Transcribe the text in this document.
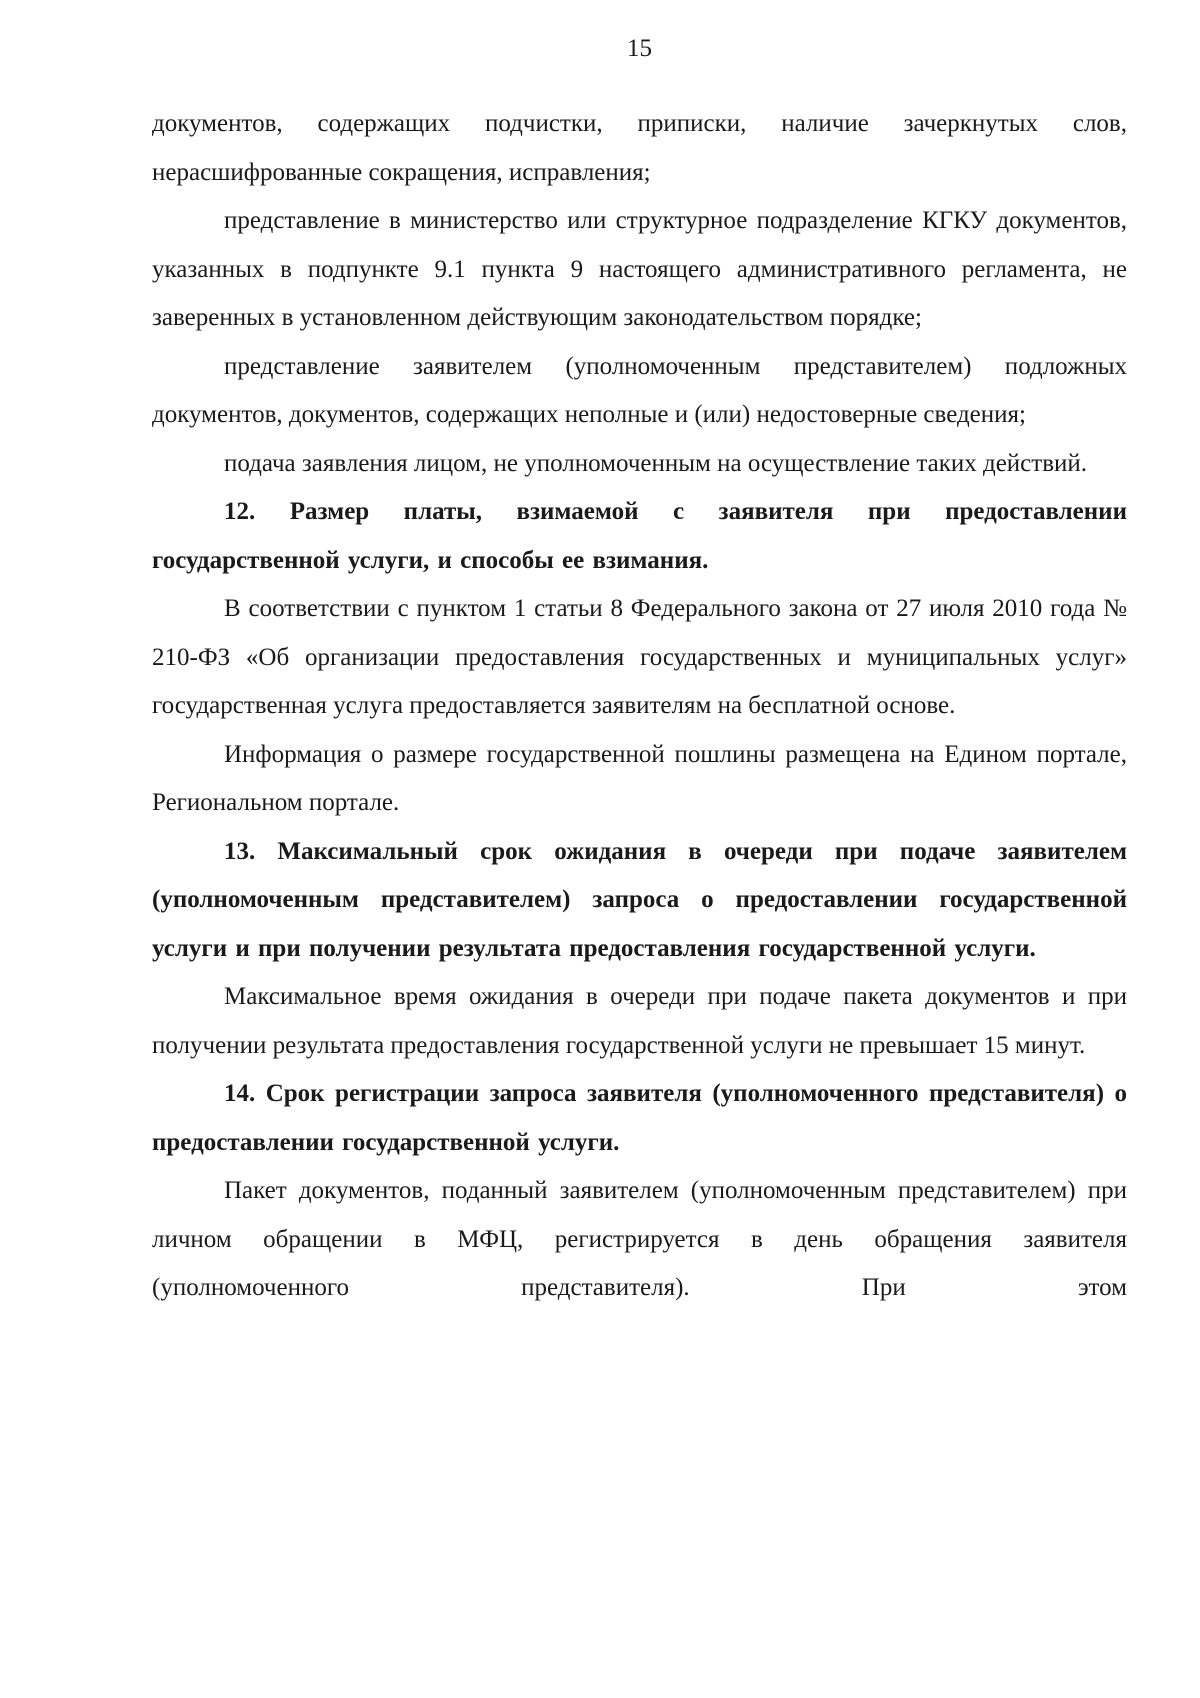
15

документов, содержащих подчистки, приписки, наличие зачеркнутых слов, нерасшифрованные сокращения, исправления;

представление в министерство или структурное подразделение КГКУ документов, указанных в подпункте 9.1 пункта 9 настоящего административного регламента, не заверенных в установленном действующим законодательством порядке;

представление заявителем (уполномоченным представителем) подложных документов, документов, содержащих неполные и (или) недостоверные сведения;

подача заявления лицом, не уполномоченным на осуществление таких действий.

12. Размер платы, взимаемой с заявителя при предоставлении государственной услуги, и способы ее взимания.

В соответствии с пунктом 1 статьи 8 Федерального закона от 27 июля 2010 года № 210-ФЗ «Об организации предоставления государственных и муниципальных услуг» государственная услуга предоставляется заявителям на бесплатной основе.

Информация о размере государственной пошлины размещена на Едином портале, Региональном портале.

13. Максимальный срок ожидания в очереди при подаче заявителем (уполномоченным представителем) запроса о предоставлении государственной услуги и при получении результата предоставления государственной услуги.

Максимальное время ожидания в очереди при подаче пакета документов и при получении результата предоставления государственной услуги не превышает 15 минут.

14. Срок регистрации запроса заявителя (уполномоченного представителя) о предоставлении государственной услуги.

Пакет документов, поданный заявителем (уполномоченным представителем) при личном обращении в МФЦ, регистрируется в день обращения заявителя (уполномоченного представителя). При этом
